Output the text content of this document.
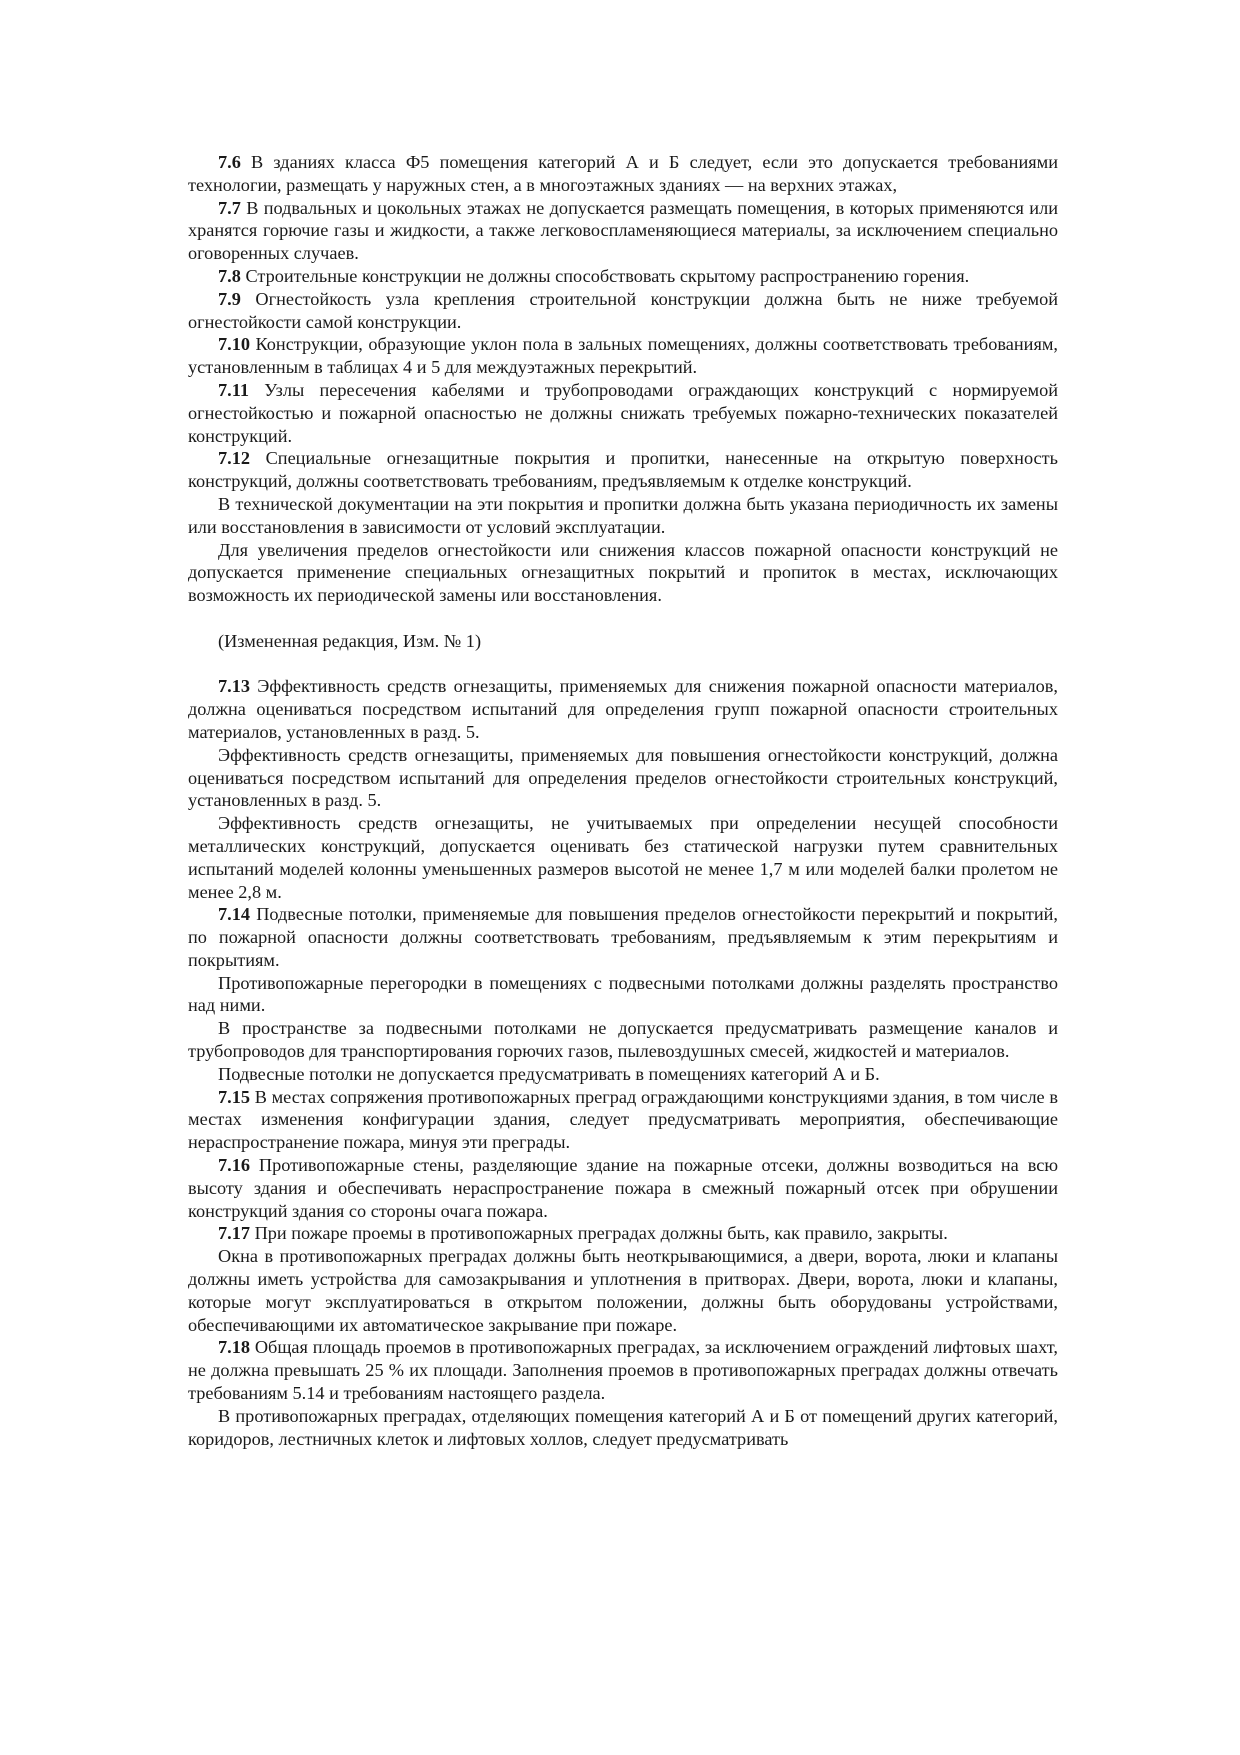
7.6 В зданиях класса Ф5 помещения категорий А и Б следует, если это допускается требованиями технологии, размещать у наружных стен, а в многоэтажных зданиях — на верхних этажах,

7.7 В подвальных и цокольных этажах не допускается размещать помещения, в которых применяются или хранятся горючие газы и жидкости, а также легковоспламеняющиеся материалы, за исключением специально оговоренных случаев.

7.8 Строительные конструкции не должны способствовать скрытому распространению горения.

7.9 Огнестойкость узла крепления строительной конструкции должна быть не ниже требуемой огнестойкости самой конструкции.

7.10 Конструкции, образующие уклон пола в зальных помещениях, должны соответствовать требованиям, установленным в таблицах 4 и 5 для междуэтажных перекрытий.

7.11 Узлы пересечения кабелями и трубопроводами ограждающих конструкций с нормируемой огнестойкостью и пожарной опасностью не должны снижать требуемых пожарно-технических показателей конструкций.

7.12 Специальные огнезащитные покрытия и пропитки, нанесенные на открытую поверхность конструкций, должны соответствовать требованиям, предъявляемым к отделке конструкций.

В технической документации на эти покрытия и пропитки должна быть указана периодичность их замены или восстановления в зависимости от условий эксплуатации.

Для увеличения пределов огнестойкости или снижения классов пожарной опасности конструкций не допускается применение специальных огнезащитных покрытий и пропиток в местах, исключающих возможность их периодической замены или восстановления.

(Измененная редакция, Изм. № 1)

7.13 Эффективность средств огнезащиты, применяемых для снижения пожарной опасности материалов, должна оцениваться посредством испытаний для определения групп пожарной опасности строительных материалов, установленных в разд. 5.

Эффективность средств огнезащиты, применяемых для повышения огнестойкости конструкций, должна оцениваться посредством испытаний для определения пределов огнестойкости строительных конструкций, установленных в разд. 5.

Эффективность средств огнезащиты, не учитываемых при определении несущей способности металлических конструкций, допускается оценивать без статической нагрузки путем сравнительных испытаний моделей колонны уменьшенных размеров высотой не менее 1,7 м или моделей балки пролетом не менее 2,8 м.

7.14 Подвесные потолки, применяемые для повышения пределов огнестойкости перекрытий и покрытий, по пожарной опасности должны соответствовать требованиям, предъявляемым к этим перекрытиям и покрытиям.

Противопожарные перегородки в помещениях с подвесными потолками должны разделять пространство над ними.

В пространстве за подвесными потолками не допускается предусматривать размещение каналов и трубопроводов для транспортирования горючих газов, пылевоздушных смесей, жидкостей и материалов.

Подвесные потолки не допускается предусматривать в помещениях категорий А и Б.

7.15 В местах сопряжения противопожарных преград ограждающими конструкциями здания, в том числе в местах изменения конфигурации здания, следует предусматривать мероприятия, обеспечивающие нераспространение пожара, минуя эти преграды.

7.16 Противопожарные стены, разделяющие здание на пожарные отсеки, должны возводиться на всю высоту здания и обеспечивать нераспространение пожара в смежный пожарный отсек при обрушении конструкций здания со стороны очага пожара.

7.17 При пожаре проемы в противопожарных преградах должны быть, как правило, закрыты.

Окна в противопожарных преградах должны быть неоткрывающимися, а двери, ворота, люки и клапаны должны иметь устройства для самозакрывания и уплотнения в притворах. Двери, ворота, люки и клапаны, которые могут эксплуатироваться в открытом положении, должны быть оборудованы устройствами, обеспечивающими их автоматическое закрывание при пожаре.

7.18 Общая площадь проемов в противопожарных преградах, за исключением ограждений лифтовых шахт, не должна превышать 25 % их площади. Заполнения проемов в противопожарных преградах должны отвечать требованиям 5.14 и требованиям настоящего раздела.

В противопожарных преградах, отделяющих помещения категорий А и Б от помещений других категорий, коридоров, лестничных клеток и лифтовых холлов, следует предусматривать
